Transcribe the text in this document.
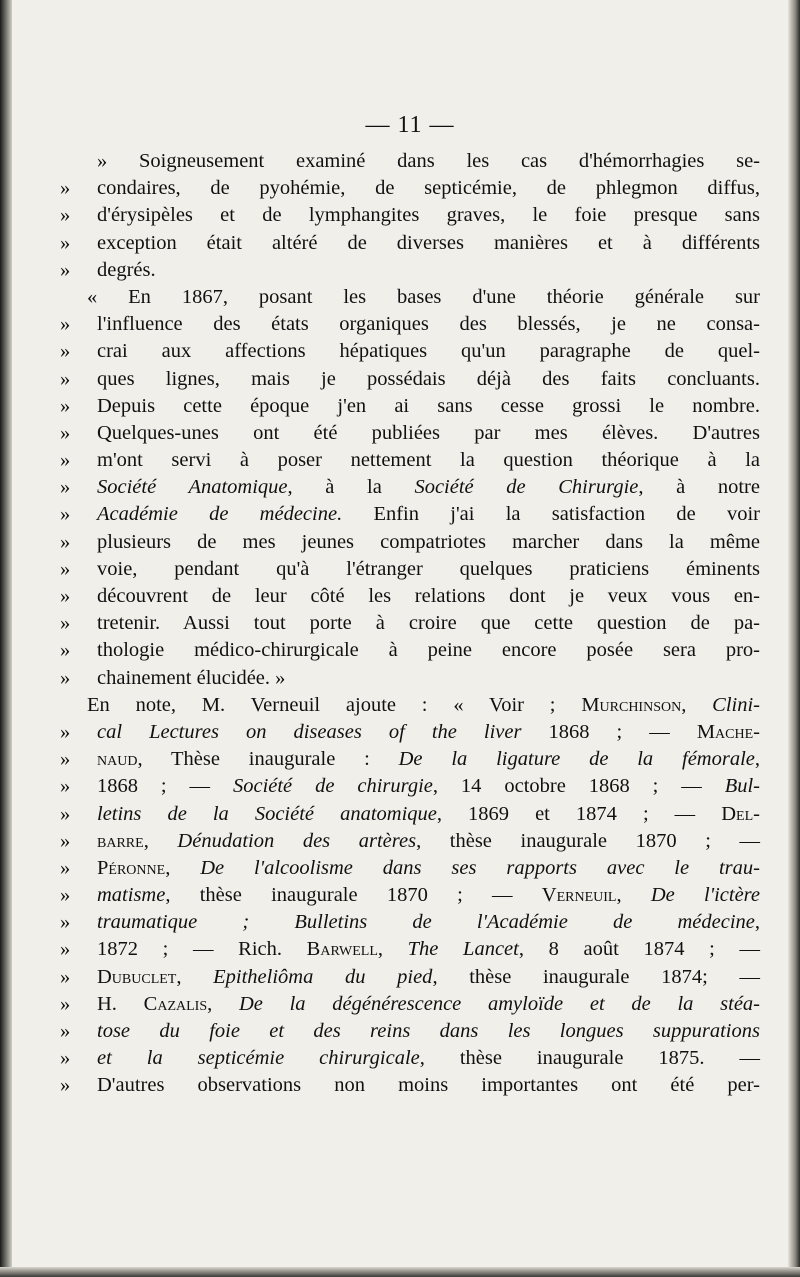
— 11 —
» Soigneusement examiné dans les cas d'hémorrhagies se-
»	condaires, de pyohémie, de septicémie, de phlegmon diffus,
»	d'érysipèles et de lymphangites graves, le foie presque sans
»	exception était altéré de diverses manières et à différents
»	degrés.
« En 1867, posant les bases d'une théorie générale sur
»	l'influence des états organiques des blessés, je ne consa-
»	crai aux affections hépatiques qu'un paragraphe de quel-
»	ques lignes, mais je possédais déjà des faits concluants.
»	Depuis cette époque j'en ai sans cesse grossi le nombre.
»	Quelques-unes ont été publiées par mes élèves. D'autres
»	m'ont servi à poser nettement la question théorique à la
»	Société Anatomique, à la Société de Chirurgie, à notre
»	Académie de médecine. Enfin j'ai la satisfaction de voir
»	plusieurs de mes jeunes compatriotes marcher dans la même
»	voie, pendant qu'à l'étranger quelques praticiens éminents
»	découvrent de leur côté les relations dont je veux vous en-
»	tretenir. Aussi tout porte à croire que cette question de pa-
»	thologie médico-chirurgicale à peine encore posée sera pro-
»	chainement élucidée. »
En note, M. Verneuil ajoute : « Voir ; Murchinson, Clini-
»	cal Lectures on diseases of the liver 1868 ; — Mache-
»	naud, Thèse inaugurale : De la ligature de la fémorale,
»	1868 ; — Société de chirurgie, 14 octobre 1868 ; — Bul-
»	letins de la Société anatomique, 1869 et 1874 ; — Del-
»	barre, Dénudation des artères, thèse inaugurale 1870 ; —
»	Péronne, De l'alcoolisme dans ses rapports avec le trau-
»	matisme, thèse inaugurale 1870 ; — Verneuil, De l'ictère
»	traumatique ; Bulletins de l'Académie de médecine,
»	1872 ; — Rich. Barwell, The Lancet, 8 août 1874 ; —
»	Dubuclet, Epitheliôma du pied, thèse inaugurale 1874; —
»	H. Cazalis, De la dégénérescence amyloïde et de la stéa-
»	tose du foie et des reins dans les longues suppurations
»	et la septicémie chirurgicale, thèse inaugurale 1875. —
»	D'autres observations non moins importantes ont été per-
